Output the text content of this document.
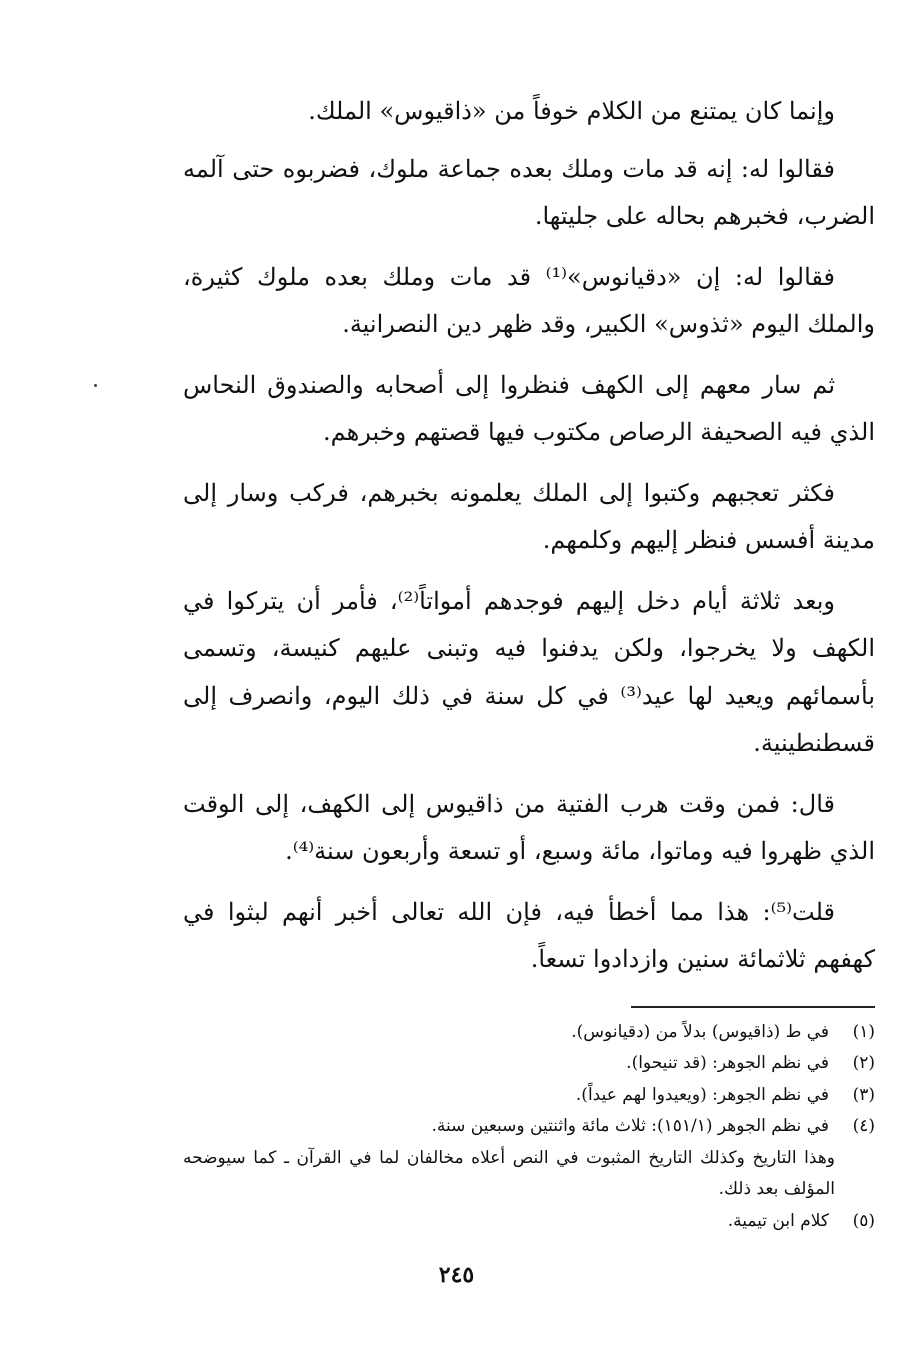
وإنما كان يمتنع من الكلام خوفاً من «ذاقيوس» الملك.

فقالوا له: إنه قد مات وملك بعده جماعة ملوك، فضربوه حتى آلمه الضرب، فخبرهم بحاله على جليتها.

فقالوا له: إن «دقيانوس»⁽¹⁾ قد مات وملك بعده ملوك كثيرة، والملك اليوم «ثذوس» الكبير، وقد ظهر دين النصرانية.

ثم سار معهم إلى الكهف فنظروا إلى أصحابه والصندوق النحاس الذي فيه الصحيفة الرصاص مكتوب فيها قصتهم وخبرهم.

فكثر تعجبهم وكتبوا إلى الملك يعلمونه بخبرهم، فركب وسار إلى مدينة أفسس فنظر إليهم وكلمهم.

وبعد ثلاثة أيام دخل إليهم فوجدهم أمواتاً⁽²⁾، فأمر أن يتركوا في الكهف ولا يخرجوا، ولكن يدفنوا فيه وتبنى عليهم كنيسة، وتسمى بأسمائهم ويعيد لها عيد⁽³⁾ في كل سنة في ذلك اليوم، وانصرف إلى قسطنطينية.

قال: فمن وقت هرب الفتية من ذاقيوس إلى الكهف، إلى الوقت الذي ظهروا فيه وماتوا، مائة وسبع، أو تسعة وأربعون سنة⁽⁴⁾.

قلت⁽⁵⁾: هذا مما أخطأ فيه، فإن الله تعالى أخبر أنهم لبثوا في كهفهم ثلاثمائة سنين وازدادوا تسعاً.

(١)
في ط (ذاقيوس) بدلاً من (دقيانوس).
(٢)
في نظم الجوهر: (قد تنيحوا).
(٣)
في نظم الجوهر: (ويعيدوا لهم عيداً).
(٤)
في نظم الجوهر (١٥١/١): ثلاث مائة واثنتين وسبعين سنة.
وهذا التاريخ وكذلك التاريخ المثبوت في النص أعلاه مخالفان لما في القرآن ـ كما سيوضحه المؤلف بعد ذلك.
(٥)
كلام ابن تيمية.
٢٤٥
